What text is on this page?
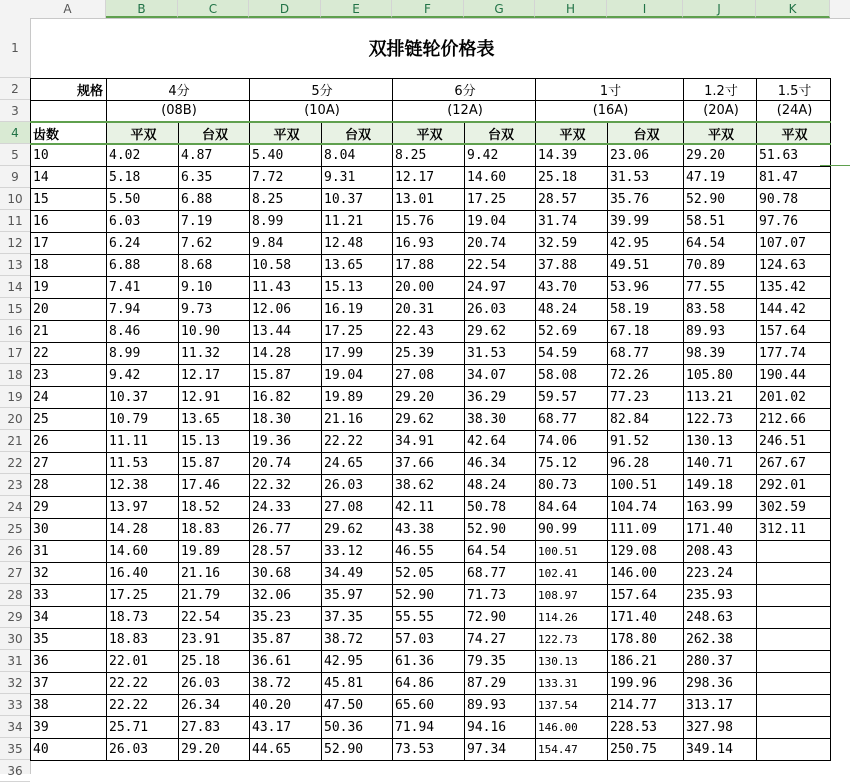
A	B	C	D	E	F	G	H	I	J	K
1
2
3
4
5
9
10
11
12
13
14
15
16
17
18
19
20
21
22
23
24
25
26
27
28
29
30
31
32
33
34
35
36
双排链轮价格表										
规格	4分		5分		6分		1寸		1.2寸	1.5寸
	(08B)		(10A)		(12A)		(16A)		(20A)	(24A)
齿数	平双	台双	平双	台双	平双	台双	平双	台双	平双	平双
10	4.02	4.87	5.40	8.04	8.25	9.42	14.39	23.06	29.20	51.63
14	5.18	6.35	7.72	9.31	12.17	14.60	25.18	31.53	47.19	81.47
15	5.50	6.88	8.25	10.37	13.01	17.25	28.57	35.76	52.90	90.78
16	6.03	7.19	8.99	11.21	15.76	19.04	31.74	39.99	58.51	97.76
17	6.24	7.62	9.84	12.48	16.93	20.74	32.59	42.95	64.54	107.07
18	6.88	8.68	10.58	13.65	17.88	22.54	37.88	49.51	70.89	124.63
19	7.41	9.10	11.43	15.13	20.00	24.97	43.70	53.96	77.55	135.42
20	7.94	9.73	12.06	16.19	20.31	26.03	48.24	58.19	83.58	144.42
21	8.46	10.90	13.44	17.25	22.43	29.62	52.69	67.18	89.93	157.64
22	8.99	11.32	14.28	17.99	25.39	31.53	54.59	68.77	98.39	177.74
23	9.42	12.17	15.87	19.04	27.08	34.07	58.08	72.26	105.80	190.44
24	10.37	12.91	16.82	19.89	29.20	36.29	59.57	77.23	113.21	201.02
25	10.79	13.65	18.30	21.16	29.62	38.30	68.77	82.84	122.73	212.66
26	11.11	15.13	19.36	22.22	34.91	42.64	74.06	91.52	130.13	246.51
27	11.53	15.87	20.74	24.65	37.66	46.34	75.12	96.28	140.71	267.67
28	12.38	17.46	22.32	26.03	38.62	48.24	80.73	100.51	149.18	292.01
29	13.97	18.52	24.33	27.08	42.11	50.78	84.64	104.74	163.99	302.59
30	14.28	18.83	26.77	29.62	43.38	52.90	90.99	111.09	171.40	312.11
31	14.60	19.89	28.57	33.12	46.55	64.54	100.51	129.08	208.43	
32	16.40	21.16	30.68	34.49	52.05	68.77	102.41	146.00	223.24	
33	17.25	21.79	32.06	35.97	52.90	71.73	108.97	157.64	235.93	
34	18.73	22.54	35.23	37.35	55.55	72.90	114.26	171.40	248.63	
35	18.83	23.91	35.87	38.72	57.03	74.27	122.73	178.80	262.38	
36	22.01	25.18	36.61	42.95	61.36	79.35	130.13	186.21	280.37	
37	22.22	26.03	38.72	45.81	64.86	87.29	133.31	199.96	298.36	
38	22.22	26.34	40.20	47.50	65.60	89.93	137.54	214.77	313.17	
39	25.71	27.83	43.17	50.36	71.94	94.16	146.00	228.53	327.98	
40	26.03	29.20	44.65	52.90	73.53	97.34	154.47	250.75	349.14	
